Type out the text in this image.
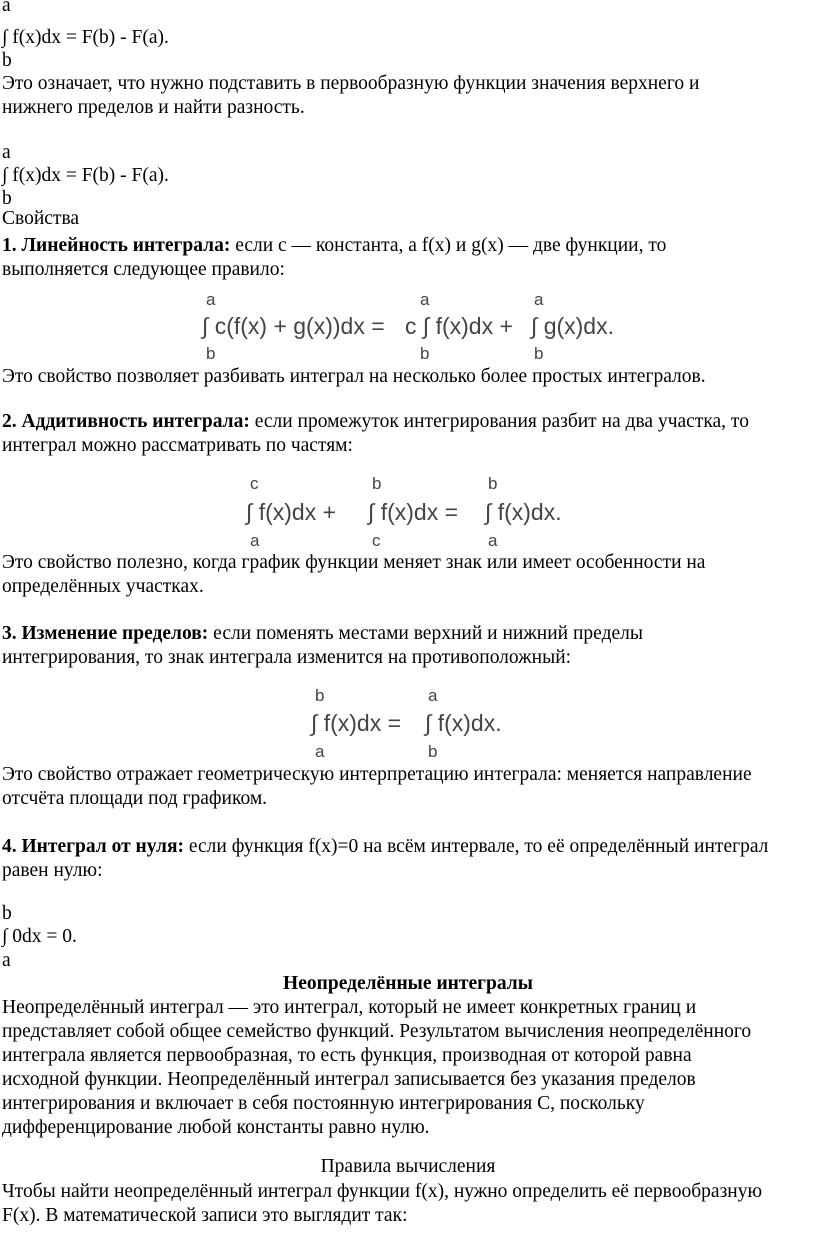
a
∫ f(x)dx = F(b) - F(a).
b
Это означает, что нужно подставить в первообразную функции значения верхнего и
нижнего пределов и найти разность.
a
∫ f(x)dx = F(b) - F(a).
b
Свойства
1. Линейность интеграла: если c — константа, а f(x) и g(x) — две функции, то
выполняется следующее правило:
a	a	a
∫ c(f(x) + g(x))dx = c ∫ f(x)dx + ∫ g(x)dx.
b	b	b
Это свойство позволяет разбивать интеграл на несколько более простых интегралов.
2. Аддитивность интеграла: если промежуток интегрирования разбит на два участка, то
интеграл можно рассматривать по частям:
c	b	b
∫ f(x)dx + ∫ f(x)dx = ∫ f(x)dx.
a	c	a
Это свойство полезно, когда график функции меняет знак или имеет особенности на
определённых участках.
3. Изменение пределов: если поменять местами верхний и нижний пределы
интегрирования, то знак интеграла изменится на противоположный:
b	a
∫ f(x)dx = ∫ f(x)dx.
a	b
Это свойство отражает геометрическую интерпретацию интеграла: меняется направление
отсчёта площади под графиком.
4. Интеграл от нуля: если функция f(x)=0 на всём интервале, то её определённый интеграл
равен нулю:
b
∫ 0dx = 0.
a
Неопределённые интегралы
Неопределённый интеграл — это интеграл, который не имеет конкретных границ и
представляет собой общее семейство функций. Результатом вычисления неопределённого
интеграла является первообразная, то есть функция, производная от которой равна
исходной функции. Неопределённый интеграл записывается без указания пределов
интегрирования и включает в себя постоянную интегрирования C, поскольку
дифференцирование любой константы равно нулю.
Правила вычисления
Чтобы найти неопределённый интеграл функции f(x), нужно определить её первообразную
F(x). В математической записи это выглядит так:
